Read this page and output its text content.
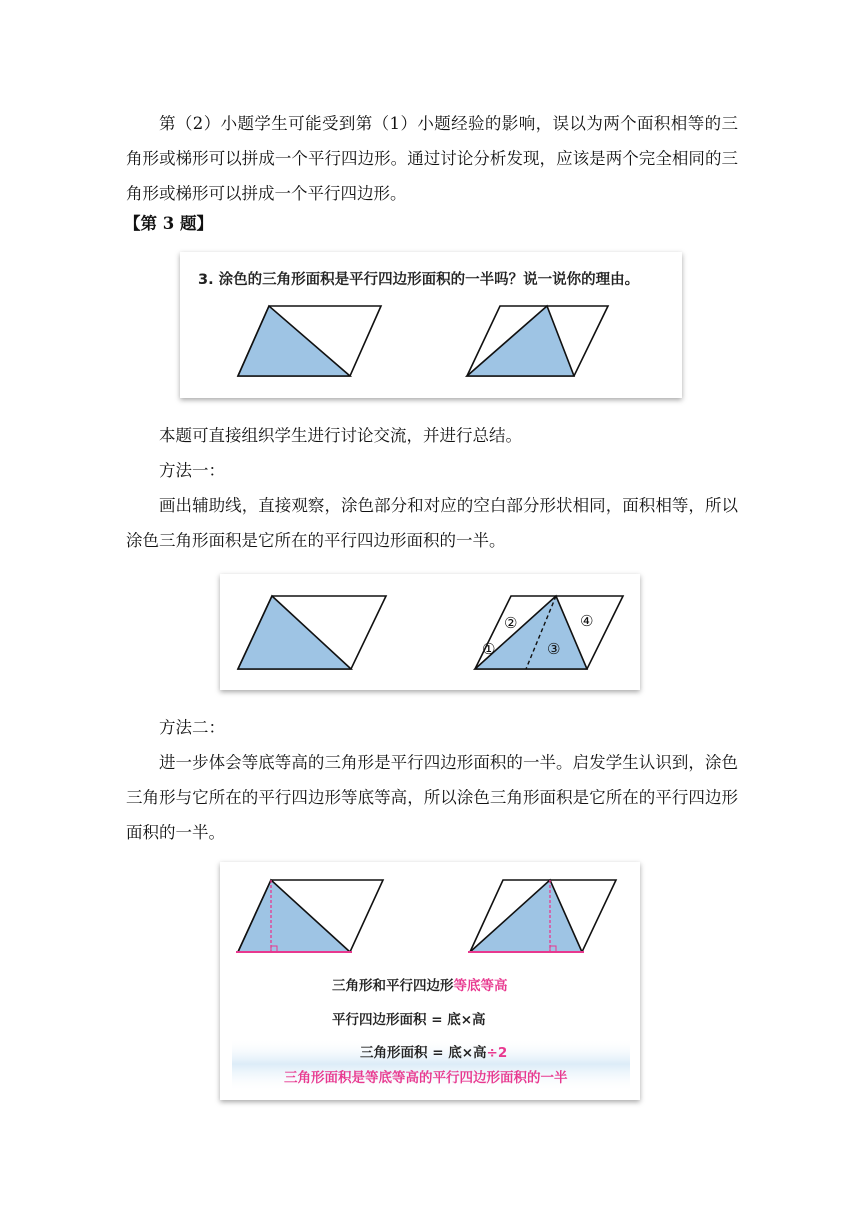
第（2）小题学生可能受到第（1）小题经验的影响，误以为两个面积相等的三角形或梯形可以拼成一个平行四边形。通过讨论分析发现，应该是两个完全相同的三角形或梯形可以拼成一个平行四边形。

【第 3 题】

3. 涂色的三角形面积是平行四边形面积的一半吗？说一说你的理由。

本题可直接组织学生进行讨论交流，并进行总结。

方法一：

画出辅助线，直接观察，涂色部分和对应的空白部分形状相同，面积相等，所以涂色三角形面积是它所在的平行四边形面积的一半。

②
①	③
④

方法二：

进一步体会等底等高的三角形是平行四边形面积的一半。启发学生认识到，涂色三角形与它所在的平行四边形等底等高，所以涂色三角形面积是它所在的平行四边形面积的一半。

三角形和平行四边形等底等高
平行四边形面积 = 底×高
三角形面积 = 底×高÷2
三角形面积是等底等高的平行四边形面积的一半
